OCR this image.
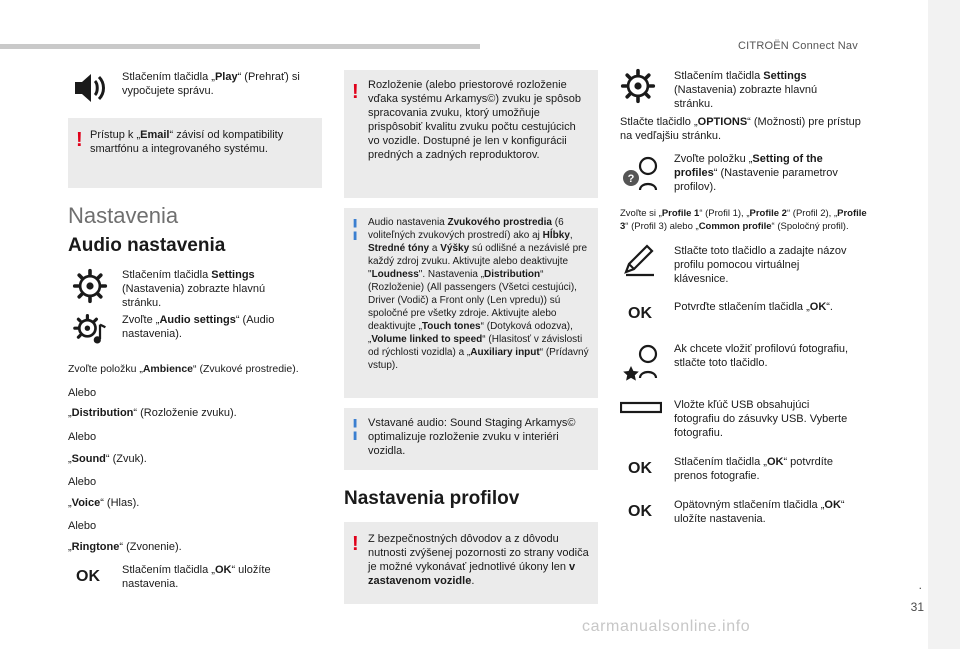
CITROËN Connect Nav
.
31
carmanualsonline.info
Stlačením tlačidla „Play“ (Prehrať) si vypočujete správu.
! Prístup k „Email“ závisí od kompatibility smartfónu a integrovaného systému.
Nastavenia
Audio nastavenia
Stlačením tlačidla Settings (Nastavenia) zobrazte hlavnú stránku.
Zvoľte „Audio settings“ (Audio nastavenia).
Zvoľte položku „Ambience“ (Zvukové prostredie).
Alebo
„Distribution“ (Rozloženie zvuku).
Alebo
„Sound“ (Zvuk).
Alebo
„Voice“ (Hlas).
Alebo
„Ringtone“ (Zvonenie).
OK Stlačením tlačidla „OK“ uložíte nastavenia.
! Rozloženie (alebo priestorové rozloženie vďaka systému Arkamys©) zvuku je spôsob spracovania zvuku, ktorý umožňuje prispôsobiť kvalitu zvuku počtu cestujúcich vo vozidle. Dostupné je len v konfigurácii predných a zadných reproduktorov.
¦ Audio nastavenia Zvukového prostredia (6 voliteľných zvukových prostredí) ako aj Hĺbky, Stredné tóny a Výšky sú odlišné a nezávislé pre každý zdroj zvuku. Aktivujte alebo deaktivujte "Loudness". Nastavenia „Distribution“ (Rozloženie) (All passengers (Všetci cestujúci), Driver (Vodič) a Front only (Len vpredu)) sú spoločné pre všetky zdroje. Aktivujte alebo deaktivujte „Touch tones“ (Dotyková odozva), „Volume linked to speed“ (Hlasitosť v závislosti od rýchlosti vozidla) a „Auxiliary input“ (Prídavný vstup).
¦ Vstavané audio: Sound Staging Arkamys© optimalizuje rozloženie zvuku v interiéri vozidla.
Nastavenia profilov
! Z bezpečnostných dôvodov a z dôvodu nutnosti zvýšenej pozornosti zo strany vodiča je možné vykonávať jednotlivé úkony len v zastavenom vozidle.
Stlačením tlačidla Settings (Nastavenia) zobrazte hlavnú stránku.
Stlačte tlačidlo „OPTIONS“ (Možnosti) pre prístup na vedľajšiu stránku.
?
Zvoľte položku „Setting of the profiles“ (Nastavenie parametrov profilov).
Zvoľte si „Profile 1“ (Profil 1), „Profile 2“ (Profil 2), „Profile 3“ (Profil 3) alebo „Common profile“ (Spoločný profil).
Stlačte toto tlačidlo a zadajte názov profilu pomocou virtuálnej klávesnice.
OK Potvrďte stlačením tlačidla „OK“.
Ak chcete vložiť profilovú fotografiu, stlačte toto tlačidlo.
Vložte kľúč USB obsahujúci fotografiu do zásuvky USB. Vyberte fotografiu.
OK Stlačením tlačidla „OK“ potvrdíte prenos fotografie.
OK Opätovným stlačením tlačidla „OK“ uložíte nastavenia.
